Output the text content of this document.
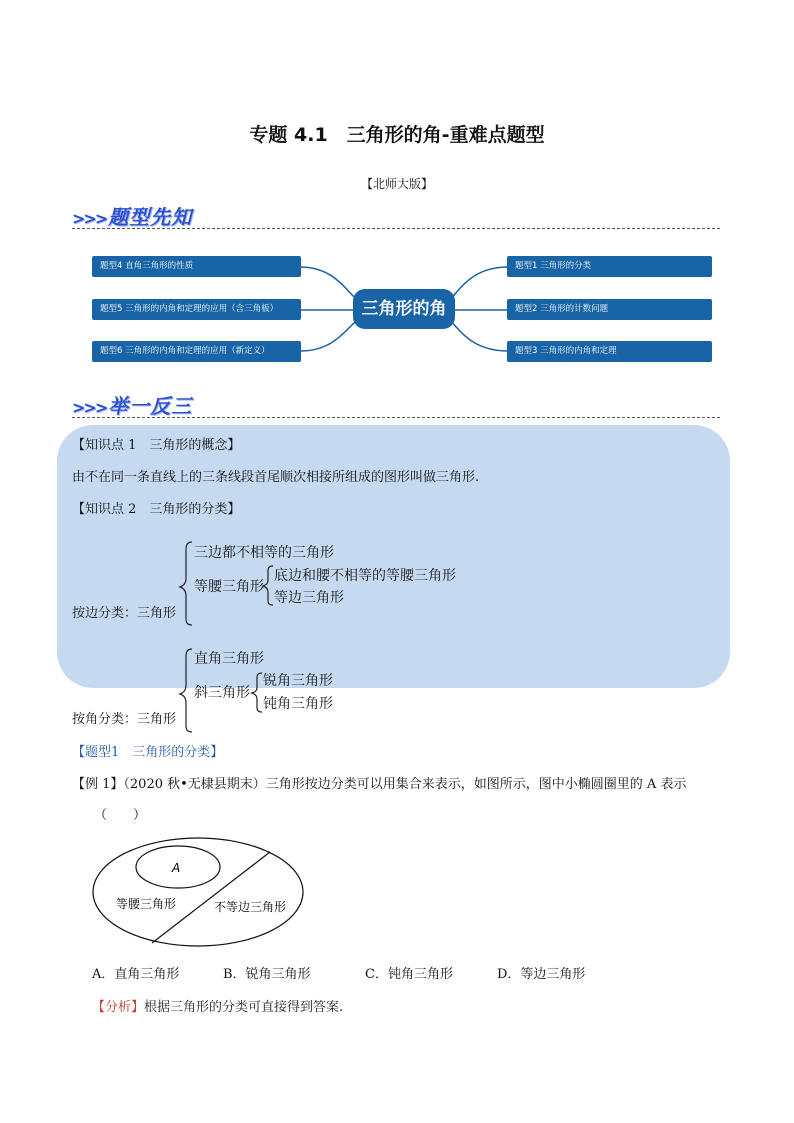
专题 4.1　三角形的角-重难点题型
【北师大版】
>>> 题型先知
题型4 直角三角形的性质
题型5 三角形的内角和定理的应用（含三角板）
题型6 三角形的内角和定理的应用（新定义）
三角形的角
题型1 三角形的分类
题型2 三角形的计数问题
题型3 三角形的内角和定理
>>> 举一反三
【知识点 1　三角形的概念】
由不在同一条直线上的三条线段首尾顺次相接所组成的图形叫做三角形.
【知识点 2　三角形的分类】
三边都不相等的三角形
等腰三角形
底边和腰不相等的等腰三角形
等边三角形
按边分类：三角形
直角三角形
斜三角形
锐角三角形
钝角三角形
按角分类：三角形
【题型1　三角形的分类】
【例 1】（2020 秋•无棣县期末）三角形按边分类可以用集合来表示，如图所示，图中小椭圆圈里的 A 表示
（　　）
A
等腰三角形	不等边三角形
A．直角三角形	B．锐角三角形	C．钝角三角形	D．等边三角形
【分析】根据三角形的分类可直接得到答案.
